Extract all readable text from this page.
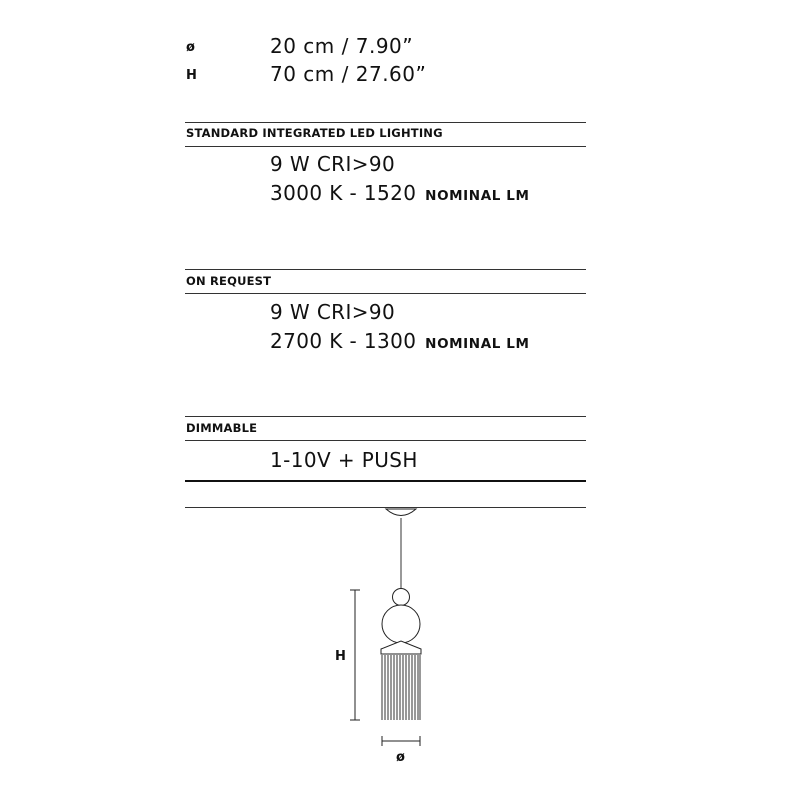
ø	20 cm / 7.90”
H	70 cm / 27.60”
STANDARD INTEGRATED LED LIGHTING
9 W CRI>90
3000 K - 1520 NOMINAL LM
ON REQUEST
9 W CRI>90
2700 K - 1300 NOMINAL LM
DIMMABLE
1-10V + PUSH
H
ø
